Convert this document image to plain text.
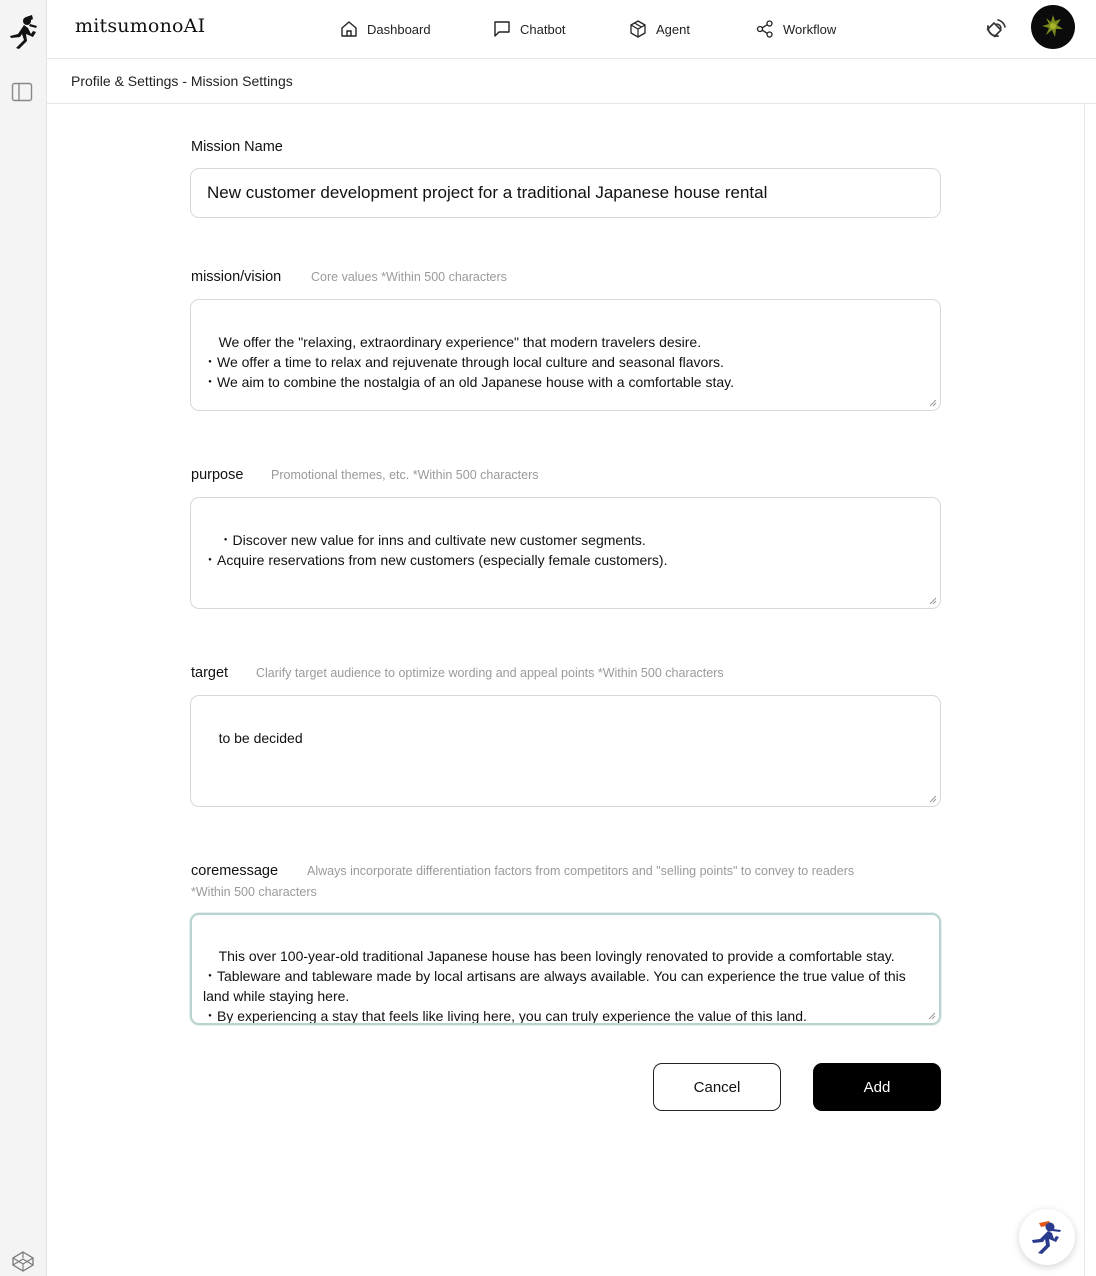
mitsumonoAI	Dashboard	Chatbot	Agent	Workflow
Profile & Settings - Mission Settings
Mission Name
New customer development project for a traditional Japanese house rental
mission/vision Core values *Within 500 characters

We offer the "relaxing, extraordinary experience" that modern travelers desire.
・We offer a time to relax and rejuvenate through local culture and seasonal flavors.
・We aim to combine the nostalgia of an old Japanese house with a comfortable stay.

purpose Promotional themes, etc. *Within 500 characters

・Discover new value for inns and cultivate new customer segments.
・Acquire reservations from new customers (especially female customers).

target Clarify target audience to optimize wording and appeal points *Within 500 characters

to be decided

coremessage Always incorporate differentiation factors from competitors and "selling points" to convey to readers
*Within 500 characters

This over 100-year-old traditional Japanese house has been lovingly renovated to provide a comfortable stay.
・Tableware and tableware made by local artisans are always available. You can experience the true value of this land while staying here.
・By experiencing a stay that feels like living here, you can truly experience the value of this land.

Cancel	Add
